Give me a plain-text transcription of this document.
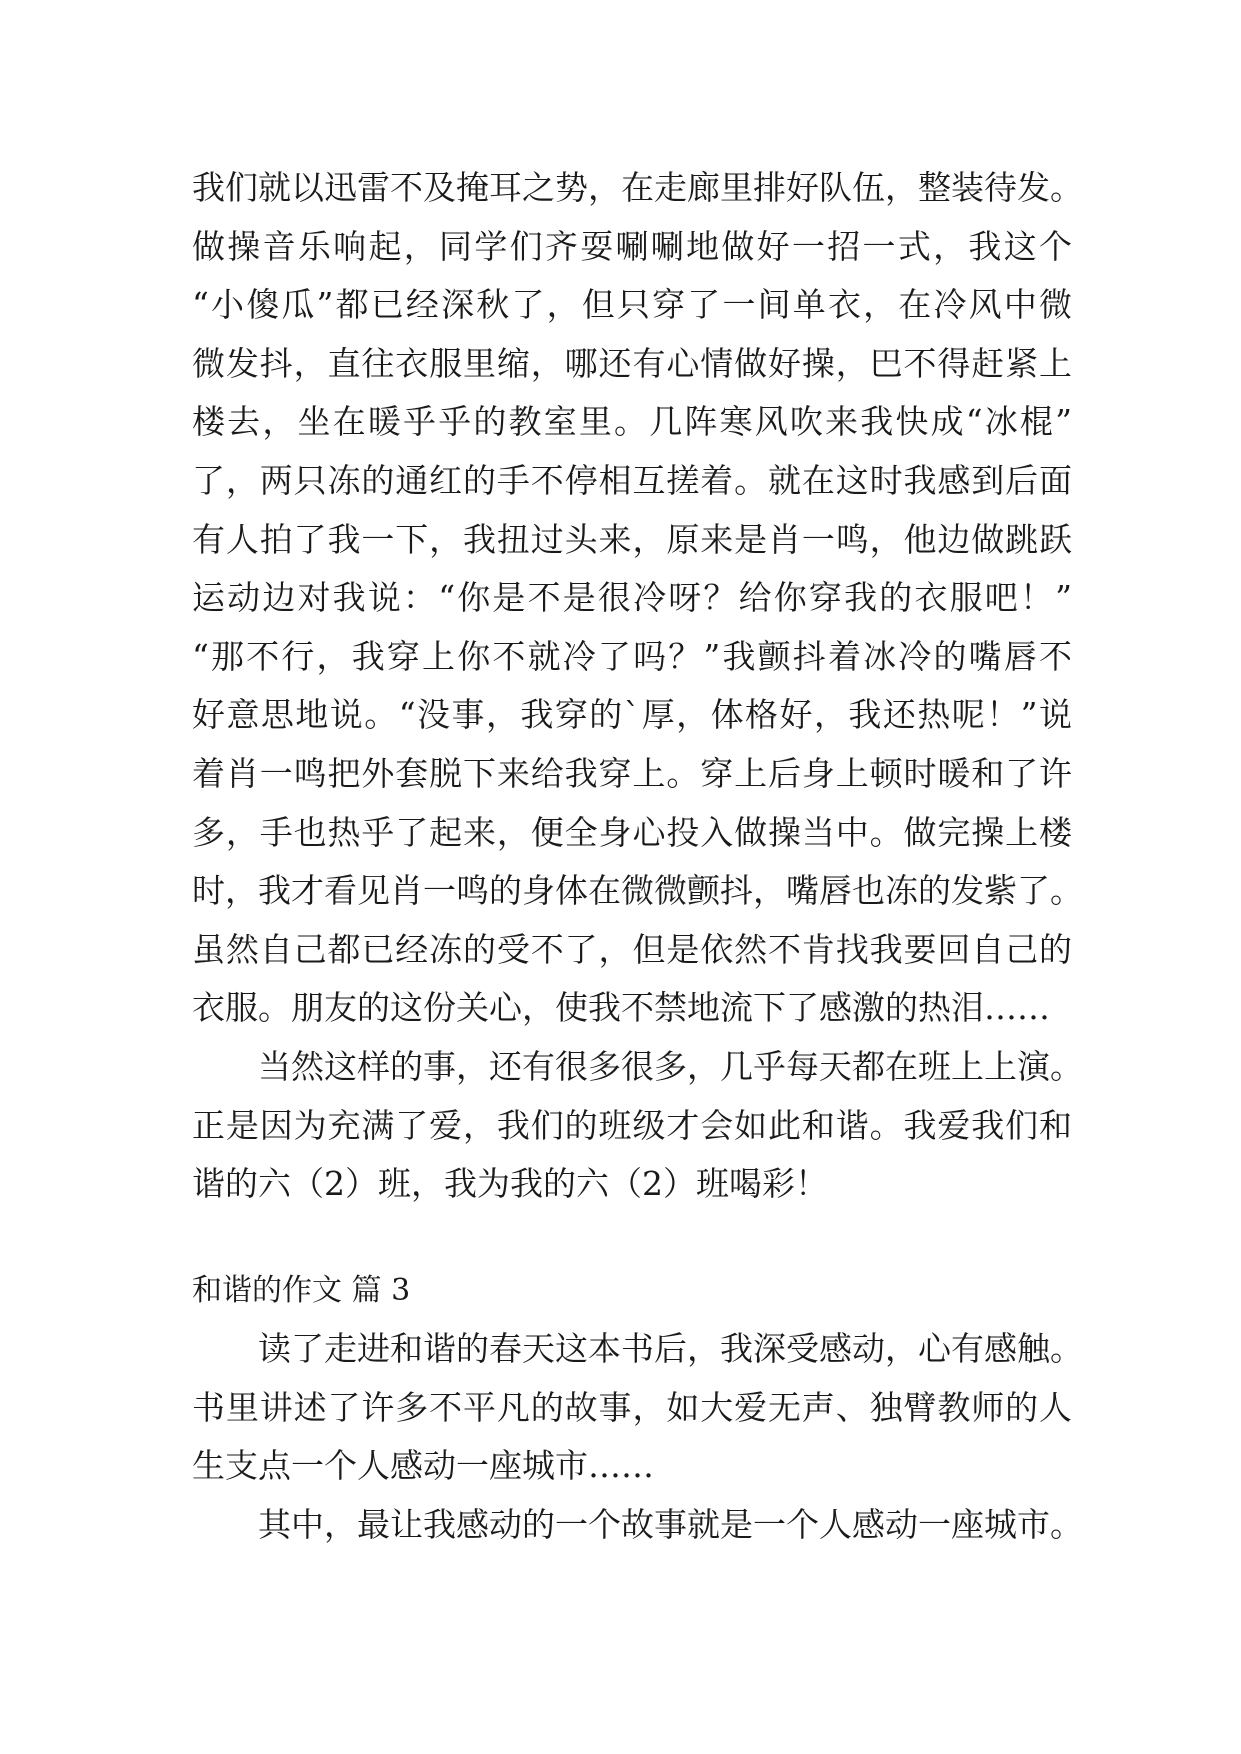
我们就以迅雷不及掩耳之势，在走廊里排好队伍，整装待发。
做操音乐响起，同学们齐耍唰唰地做好一招一式，我这个
“小傻瓜”都已经深秋了，但只穿了一间单衣，在冷风中微
微发抖，直往衣服里缩，哪还有心情做好操，巴不得赶紧上
楼去，坐在暖乎乎的教室里。几阵寒风吹来我快成“冰棍”
了，两只冻的通红的手不停相互搓着。就在这时我感到后面
有人拍了我一下，我扭过头来，原来是肖一鸣，他边做跳跃
运动边对我说：“你是不是很冷呀？给你穿我的衣服吧！”
“那不行，我穿上你不就冷了吗？”我颤抖着冰冷的嘴唇不
好意思地说。“没事，我穿的`厚，体格好，我还热呢！”说
着肖一鸣把外套脱下来给我穿上。穿上后身上顿时暖和了许
多，手也热乎了起来，便全身心投入做操当中。做完操上楼
时，我才看见肖一鸣的身体在微微颤抖，嘴唇也冻的发紫了。
虽然自己都已经冻的受不了，但是依然不肯找我要回自己的
衣服。朋友的这份关心，使我不禁地流下了感激的热泪……
当然这样的事，还有很多很多，几乎每天都在班上上演。
正是因为充满了爱，我们的班级才会如此和谐。我爱我们和
谐的六（2）班，我为我的六（2）班喝彩！
和谐的作文 篇 3
读了走进和谐的春天这本书后，我深受感动，心有感触。
书里讲述了许多不平凡的故事，如大爱无声、独臂教师的人
生支点一个人感动一座城市……
其中，最让我感动的一个故事就是一个人感动一座城市。
